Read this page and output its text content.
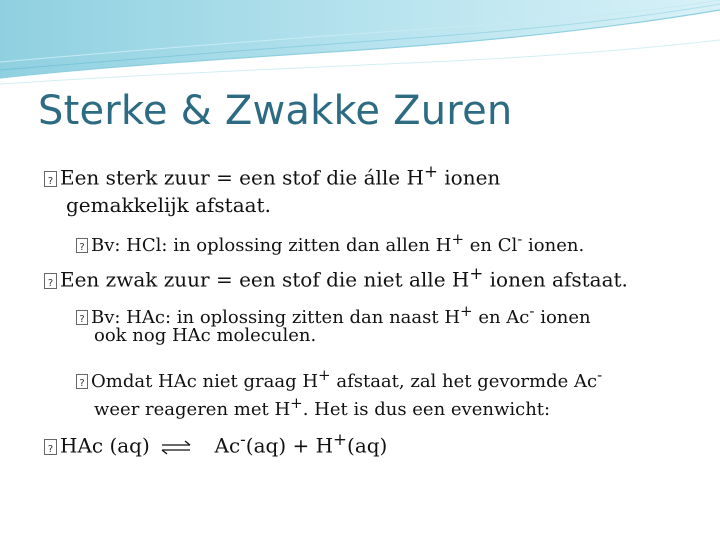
Sterke & Zwakke Zuren
?Een sterk zuur = een stof die álle H+ ionen
gemakkelijk afstaat.
?Bv: HCl: in oplossing zitten dan allen H+ en Cl- ionen.
?Een zwak zuur = een stof die niet alle H+ ionen afstaat.
?Bv: HAc: in oplossing zitten dan naast H+ en Ac- ionen
ook nog HAc moleculen.
?Omdat HAc niet graag H+ afstaat, zal het gevormde Ac-
weer reageren met H+. Het is dus een evenwicht:
?HAc (aq) ⇌ Ac-(aq) + H+(aq)
